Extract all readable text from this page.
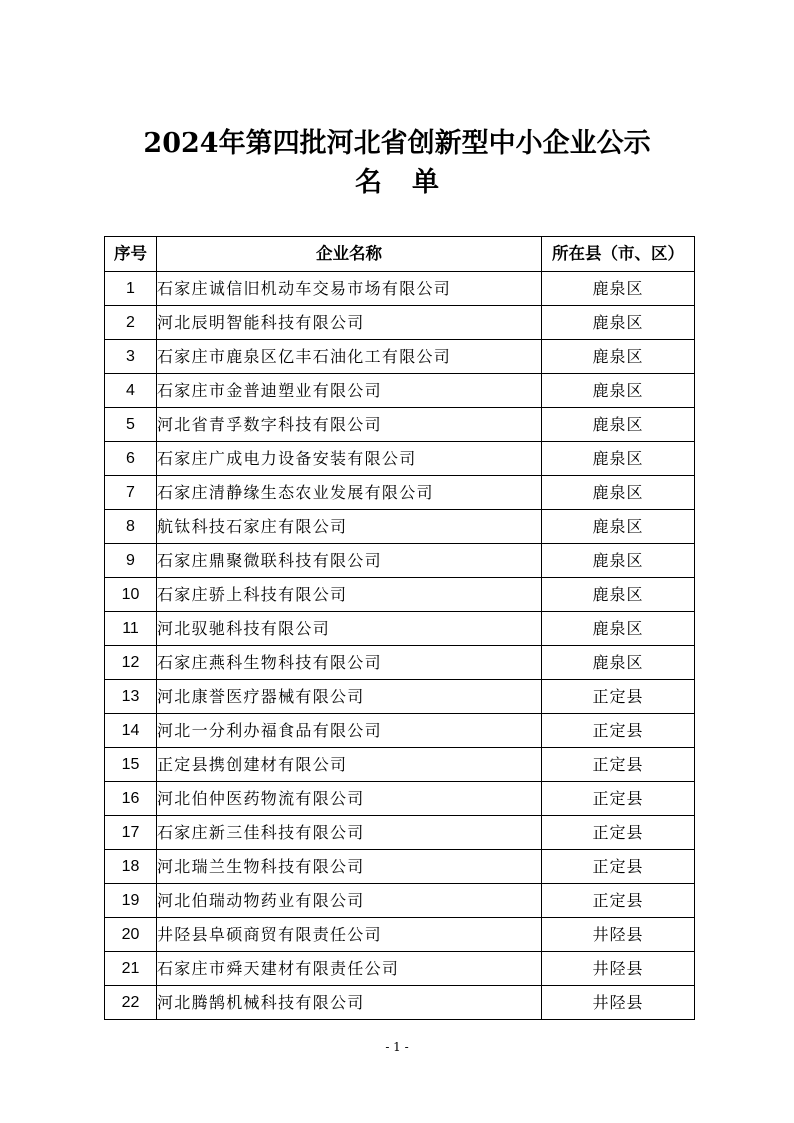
2024年第四批河北省创新型中小企业公示
名单
序号	企业名称	所在县（市、区）
1	石家庄诚信旧机动车交易市场有限公司	鹿泉区
2	河北辰明智能科技有限公司	鹿泉区
3	石家庄市鹿泉区亿丰石油化工有限公司	鹿泉区
4	石家庄市金普迪塑业有限公司	鹿泉区
5	河北省青孚数字科技有限公司	鹿泉区
6	石家庄广成电力设备安装有限公司	鹿泉区
7	石家庄清静缘生态农业发展有限公司	鹿泉区
8	航钛科技石家庄有限公司	鹿泉区
9	石家庄鼎聚微联科技有限公司	鹿泉区
10	石家庄骄上科技有限公司	鹿泉区
11	河北驭驰科技有限公司	鹿泉区
12	石家庄燕科生物科技有限公司	鹿泉区
13	河北康誉医疗器械有限公司	正定县
14	河北一分利办福食品有限公司	正定县
15	正定县携创建材有限公司	正定县
16	河北伯仲医药物流有限公司	正定县
17	石家庄新三佳科技有限公司	正定县
18	河北瑞兰生物科技有限公司	正定县
19	河北伯瑞动物药业有限公司	正定县
20	井陉县阜硕商贸有限责任公司	井陉县
21	石家庄市舜天建材有限责任公司	井陉县
22	河北腾鹄机械科技有限公司	井陉县
- 1 -
